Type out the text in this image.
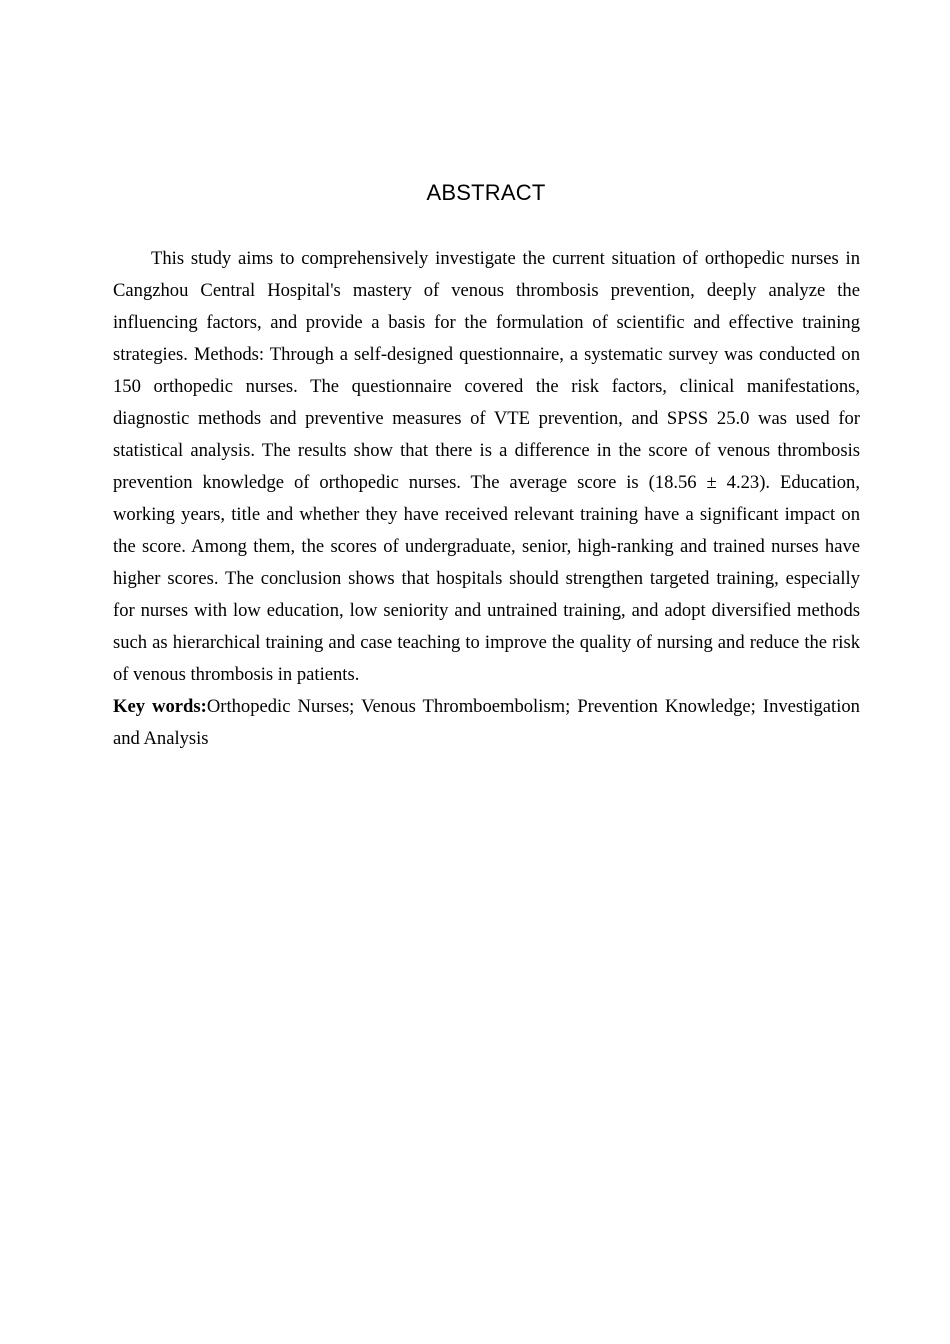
ABSTRACT

This study aims to comprehensively investigate the current situation of orthopedic nurses in Cangzhou Central Hospital's mastery of venous thrombosis prevention, deeply analyze the influencing factors, and provide a basis for the formulation of scientific and effective training strategies. Methods: Through a self-designed questionnaire, a systematic survey was conducted on 150 orthopedic nurses. The questionnaire covered the risk factors, clinical manifestations, diagnostic methods and preventive measures of VTE prevention, and SPSS 25.0 was used for statistical analysis. The results show that there is a difference in the score of venous thrombosis prevention knowledge of orthopedic nurses. The average score is (18.56 ± 4.23). Education, working years, title and whether they have received relevant training have a significant impact on the score. Among them, the scores of undergraduate, senior, high-ranking and trained nurses have higher scores. The conclusion shows that hospitals should strengthen targeted training, especially for nurses with low education, low seniority and untrained training, and adopt diversified methods such as hierarchical training and case teaching to improve the quality of nursing and reduce the risk of venous thrombosis in patients.

Key words:Orthopedic Nurses; Venous Thromboembolism; Prevention Knowledge; Investigation and Analysis
